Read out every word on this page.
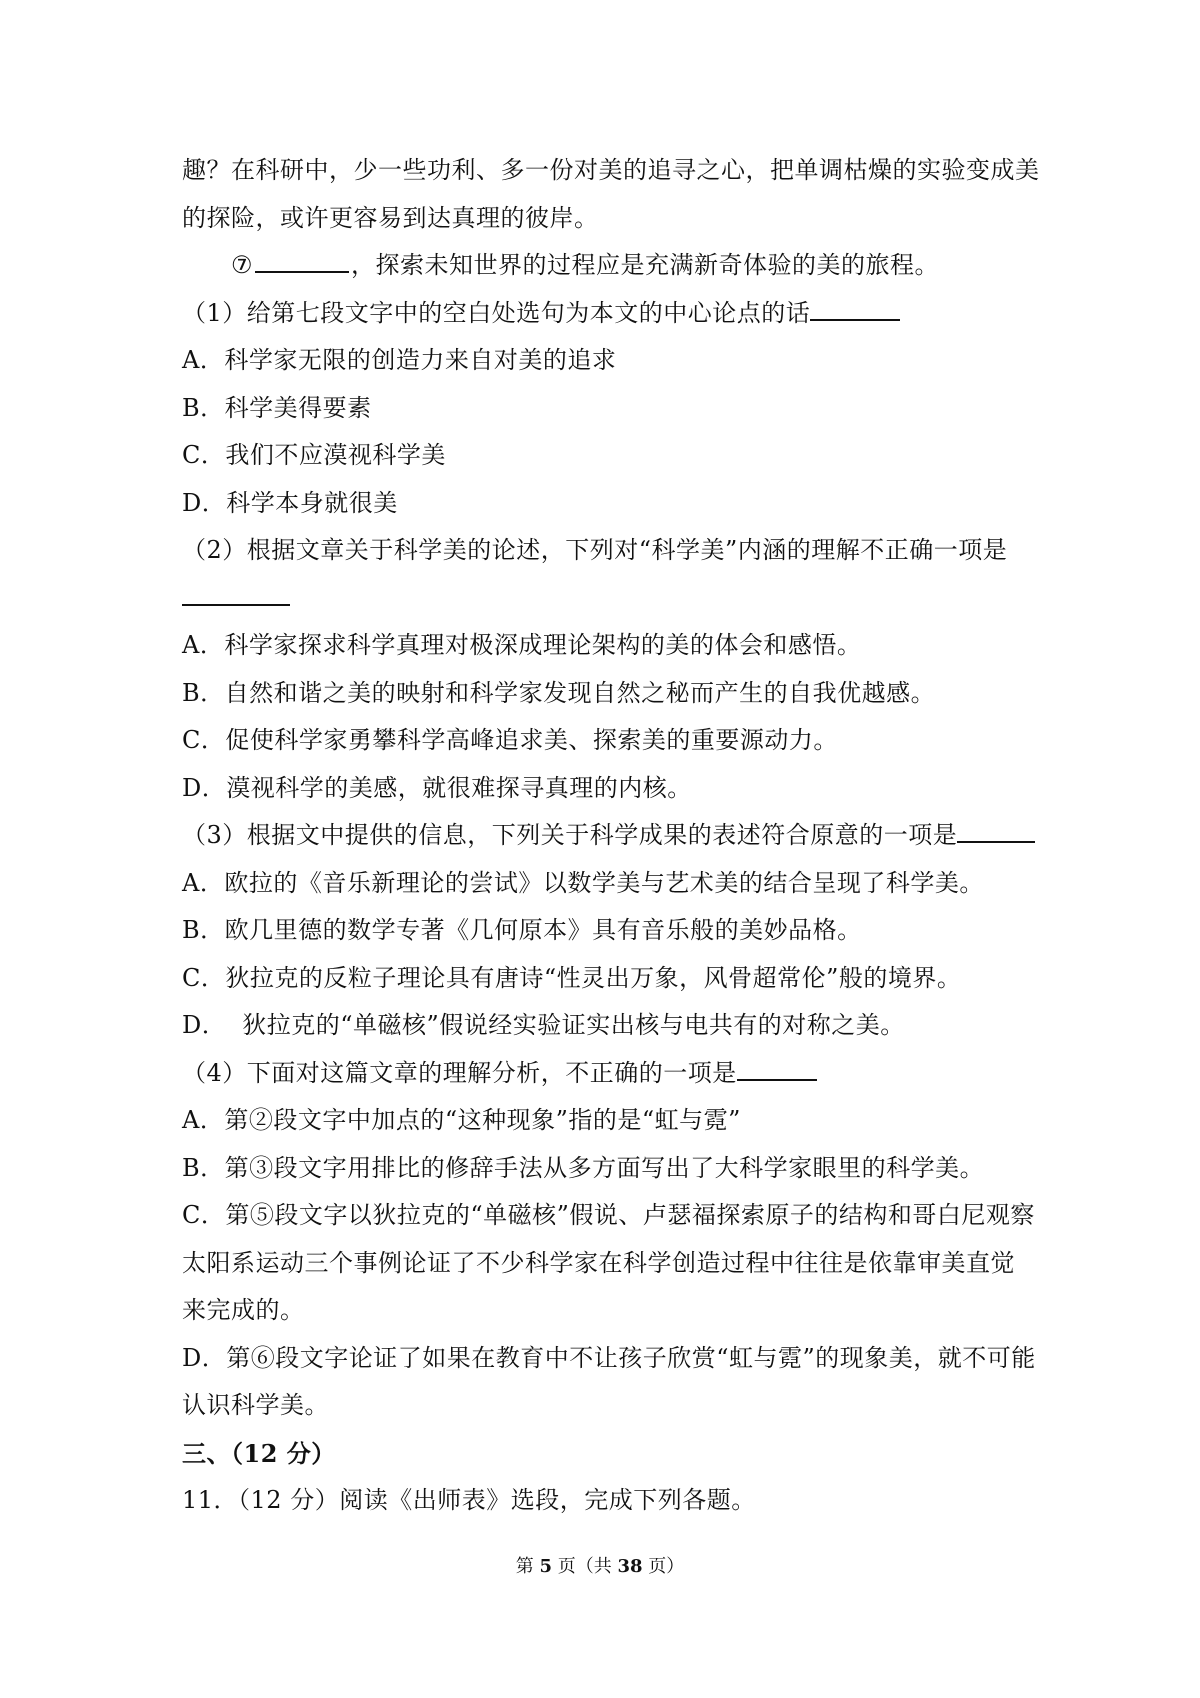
趣？在科研中，少一些功利、多一份对美的追寻之心，把单调枯燥的实验变成美
的探险，或许更容易到达真理的彼岸。
⑦	，探索未知世界的过程应是充满新奇体验的美的旅程。
（1）给第七段文字中的空白处选句为本文的中心论点的话
A．科学家无限的创造力来自对美的追求
B．科学美得要素
C．我们不应漠视科学美
D．科学本身就很美
（2）根据文章关于科学美的论述，下列对“科学美”内涵的理解不正确一项是
A．科学家探求科学真理对极深成理论架构的美的体会和感悟。
B．自然和谐之美的映射和科学家发现自然之秘而产生的自我优越感。
C．促使科学家勇攀科学高峰追求美、探索美的重要源动力。
D．漠视科学的美感，就很难探寻真理的内核。
（3）根据文中提供的信息，下列关于科学成果的表述符合原意的一项是
A．欧拉的《音乐新理论的尝试》以数学美与艺术美的结合呈现了科学美。
B．欧几里德的数学专著《几何原本》具有音乐般的美妙品格。
C．狄拉克的反粒子理论具有唐诗“性灵出万象，风骨超常伦”般的境界。
D． 狄拉克的“单磁核”假说经实验证实出核与电共有的对称之美。
（4）下面对这篇文章的理解分析，不正确的一项是
A．第②段文字中加点的“这种现象”指的是“虹与霓”
B．第③段文字用排比的修辞手法从多方面写出了大科学家眼里的科学美。
C．第⑤段文字以狄拉克的“单磁核”假说、卢瑟福探索原子的结构和哥白尼观察
太阳系运动三个事例论证了不少科学家在科学创造过程中往往是依靠审美直觉
来完成的。
D．第⑥段文字论证了如果在教育中不让孩子欣赏“虹与霓”的现象美，就不可能
认识科学美。
三、（12 分）
11．（12 分）阅读《出师表》选段，完成下列各题。
第 5 页（共 38 页）
